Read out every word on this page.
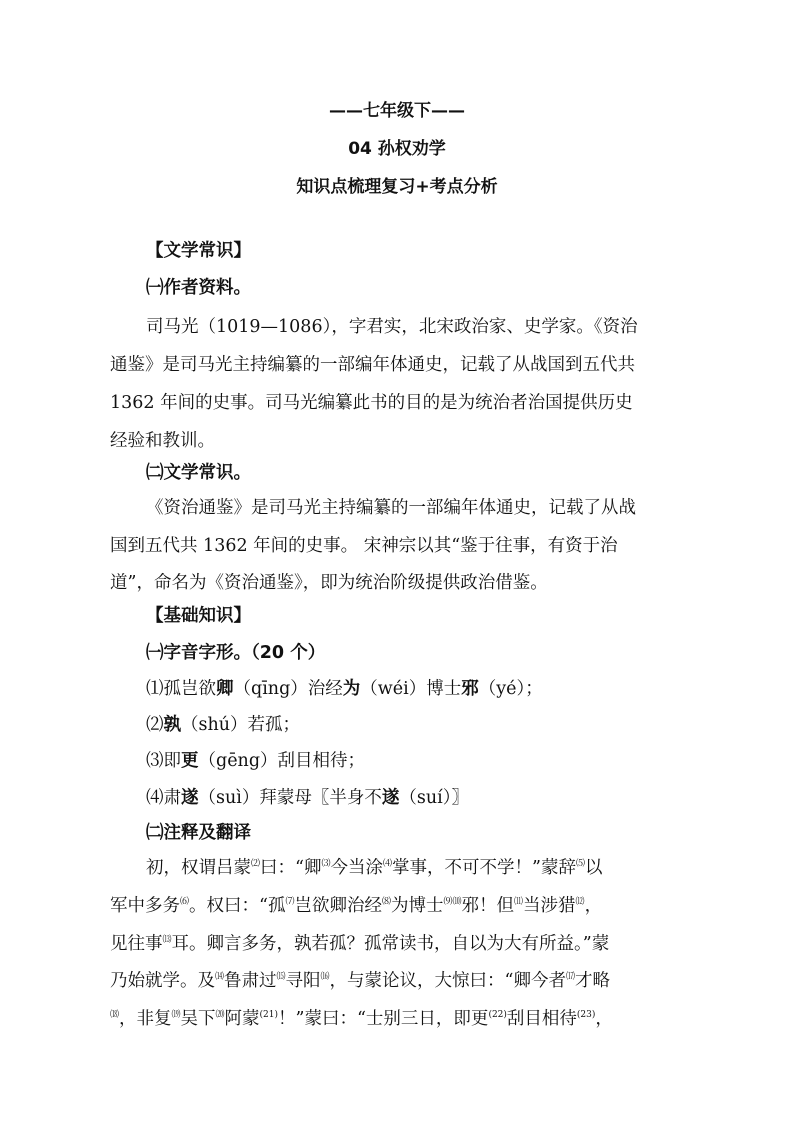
——七年级下——
04 孙权劝学
知识点梳理复习+考点分析
【文学常识】
㈠作者资料。
司马光（1019—1086），字君实，北宋政治家、史学家。《资治
通鉴》是司马光主持编纂的一部编年体通史，记载了从战国到五代共
1362 年间的史事。司马光编纂此书的目的是为统治者治国提供历史
经验和教训。
㈡文学常识。
《资治通鉴》是司马光主持编纂的一部编年体通史，记载了从战
国到五代共 1362 年间的史事。 宋神宗以其“鉴于往事，有资于治
道”，命名为《资治通鉴》，即为统治阶级提供政治借鉴。
【基础知识】
㈠字音字形。（20 个）
⑴孤岂欲卿（qīng）治经为（wéi）博士邪（yé）；
⑵孰（shú）若孤；
⑶即更（gēng）刮目相待；
⑷肃遂（suì）拜蒙母〖半身不遂（suí）〗
㈡注释及翻译
初，权谓吕蒙⑵曰：“卿⑶今当涂⑷掌事，不可不学！”蒙辞⑸以
军中多务⑹。权曰：“孤⑺岂欲卿治经⑻为博士⑼⑽邪！但⑾当涉猎⑿，
见往事⒀耳。卿言多务，孰若孤？孤常读书，自以为大有所益。”蒙
乃始就学。及⒁鲁肃过⒂寻阳⒃，与蒙论议，大惊曰：“卿今者⒄才略
⒅，非复⒆吴下⒇阿蒙$^{(21)}$！”蒙曰：“士别三日，即更$^{(22)}$刮目相待$^{(23)}$，
